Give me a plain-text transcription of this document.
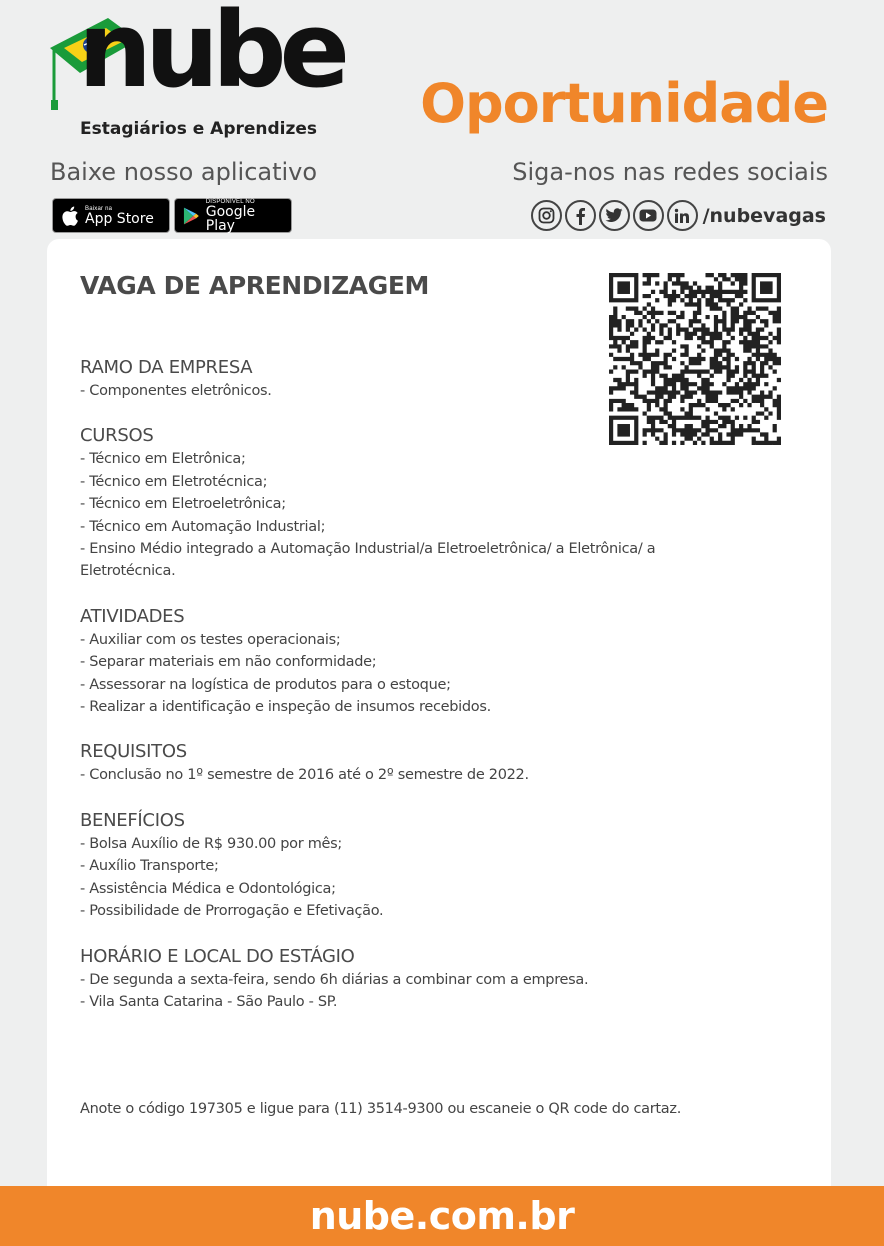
nube
Estagiários e Aprendizes Oportunidade
Baixe nosso aplicativo	Siga-nos nas redes sociais
Baixar na
App Store
DISPONÍVEL NO
Google Play	/nubevagas
VAGA DE APRENDIZAGEM
RAMO DA EMPRESA
- Componentes eletrônicos.
CURSOS
- Técnico em Eletrônica;
- Técnico em Eletrotécnica;
- Técnico em Eletroeletrônica;
- Técnico em Automação Industrial;
- Ensino Médio integrado a Automação Industrial/a Eletroeletrônica/ a Eletrônica/ a
Eletrotécnica.
ATIVIDADES
- Auxiliar com os testes operacionais;
- Separar materiais em não conformidade;
- Assessorar na logística de produtos para o estoque;
- Realizar a identificação e inspeção de insumos recebidos.
REQUISITOS
- Conclusão no 1º semestre de 2016 até o 2º semestre de 2022.
BENEFÍCIOS
- Bolsa Auxílio de R$ 930.00 por mês;
- Auxílio Transporte;
- Assistência Médica e Odontológica;
- Possibilidade de Prorrogação e Efetivação.
HORÁRIO E LOCAL DO ESTÁGIO
- De segunda a sexta-feira, sendo 6h diárias a combinar com a empresa.
- Vila Santa Catarina - São Paulo - SP.
Anote o código 197305 e ligue para (11) 3514-9300 ou escaneie o QR code do cartaz.
nube.com.br
